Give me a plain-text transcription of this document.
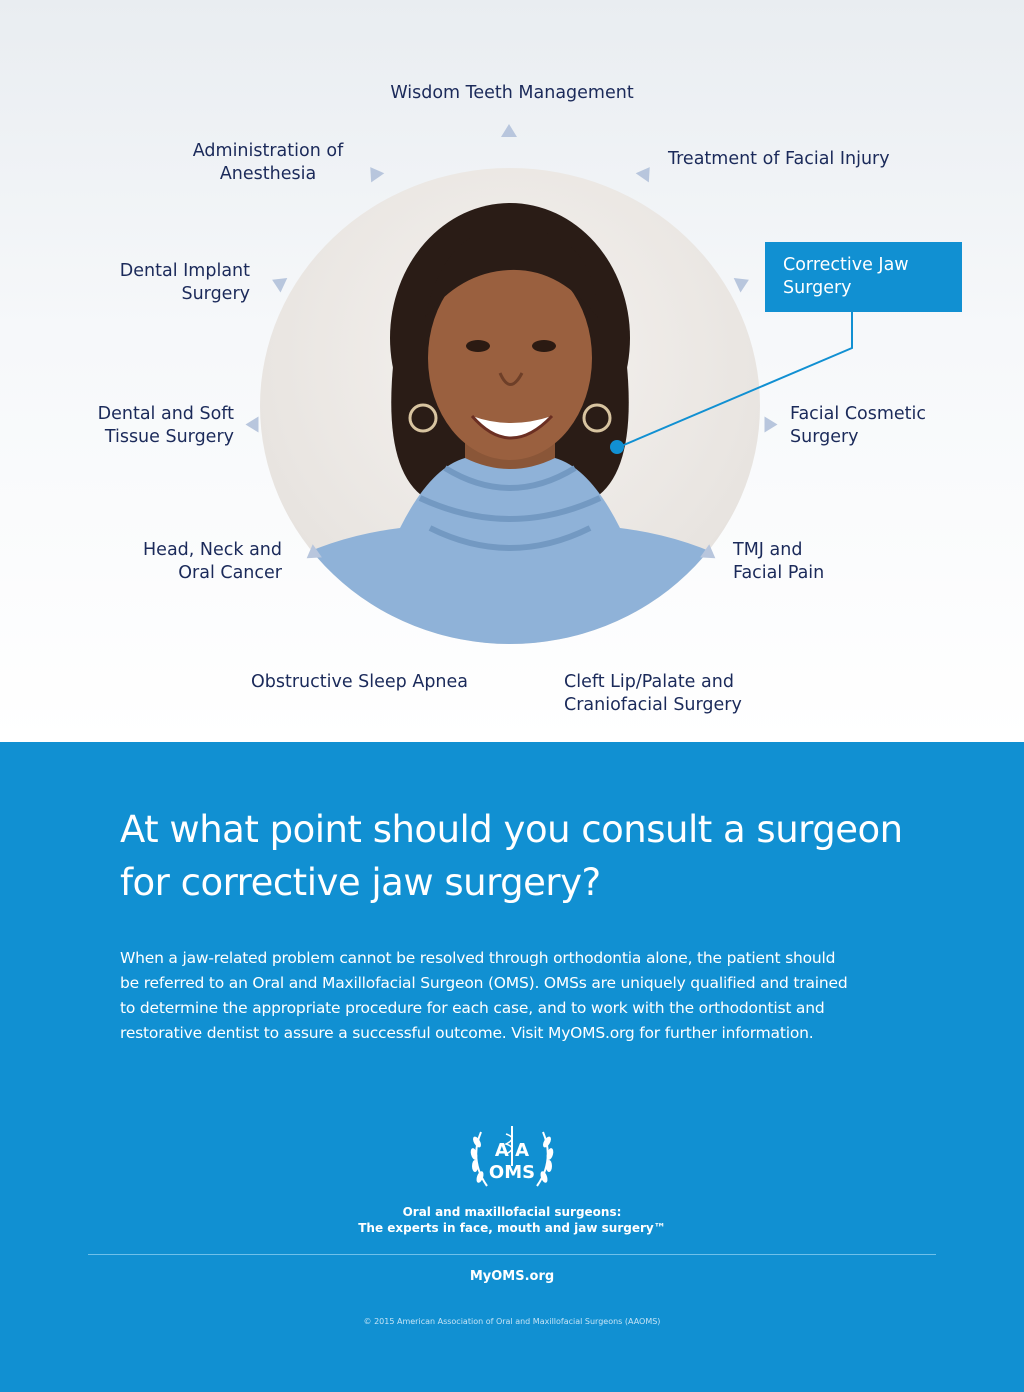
Wisdom Teeth Management
Administration of
Anesthesia
Treatment of Facial Injury
Dental Implant
Surgery
Corrective Jaw
Surgery
Dental and Soft
Tissue Surgery
Facial Cosmetic
Surgery
Head, Neck and
Oral Cancer
TMJ and
Facial Pain
Obstructive Sleep Apnea	Cleft Lip/Palate and
Craniofacial Surgery
At what point should you consult a surgeon
for corrective jaw surgery?
When a jaw-related problem cannot be resolved through orthodontia alone, the patient should
be referred to an Oral and Maxillofacial Surgeon (OMS). OMSs are uniquely qualified and trained
to determine the appropriate procedure for each case, and to work with the orthodontist and
restorative dentist to assure a successful outcome. Visit MyOMS.org for further information.
A A
OMS
Oral and maxillofacial surgeons:
The experts in face, mouth and jaw surgery™
MyOMS.org
© 2015 American Association of Oral and Maxillofacial Surgeons (AAOMS)
